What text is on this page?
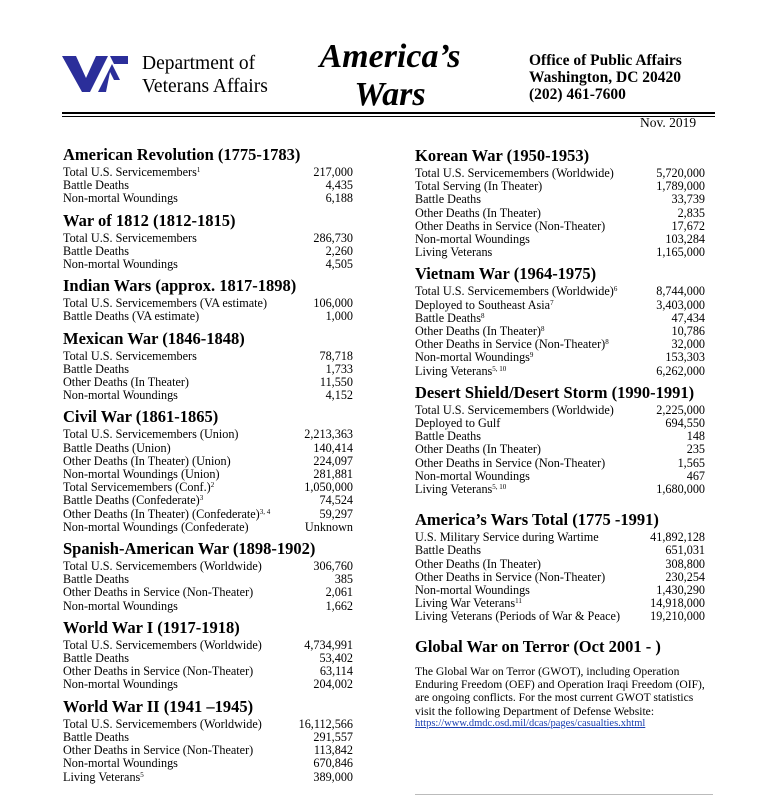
Department of
Veterans Affairs
America’s
Wars
Office of Public Affairs
Washington, DC 20420
(202) 461-7600
Nov. 2019
American Revolution (1775-1783)
Total U.S. Servicemembers$^1$	217,000
Battle Deaths	4,435
Non-mortal Woundings	6,188
War of 1812 (1812-1815)
Total U.S. Servicemembers	286,730
Battle Deaths	2,260
Non-mortal Woundings	4,505
Indian Wars (approx. 1817-1898)
Total U.S. Servicemembers (VA estimate)	106,000
Battle Deaths (VA estimate)	1,000
Mexican War (1846-1848)
Total U.S. Servicemembers	78,718
Battle Deaths	1,733
Other Deaths (In Theater)	11,550
Non-mortal Woundings	4,152
Civil War (1861-1865)
Total U.S. Servicemembers (Union)	2,213,363
Battle Deaths (Union)	140,414
Other Deaths (In Theater) (Union)	224,097
Non-mortal Woundings (Union)	281,881
Total Servicemembers (Conf.)$^2$	1,050,000
Battle Deaths (Confederate)$^3$	74,524
Other Deaths (In Theater) (Confederate)$^{3, 4}$	59,297
Non-mortal Woundings (Confederate)	Unknown
Spanish-American War (1898-1902)
Total U.S. Servicemembers (Worldwide)	306,760
Battle Deaths	385
Other Deaths in Service (Non-Theater)	2,061
Non-mortal Woundings	1,662
World War I (1917-1918)
Total U.S. Servicemembers (Worldwide)	4,734,991
Battle Deaths	53,402
Other Deaths in Service (Non-Theater)	63,114
Non-mortal Woundings	204,002
World War II (1941 –1945)
Total U.S. Servicemembers (Worldwide)	16,112,566
Battle Deaths	291,557
Other Deaths in Service (Non-Theater)	113,842
Non-mortal Woundings	670,846
Living Veterans$^5$	389,000
Korean War (1950-1953)
Total U.S. Servicemembers (Worldwide)	5,720,000
Total Serving (In Theater)	1,789,000
Battle Deaths	33,739
Other Deaths (In Theater)	2,835
Other Deaths in Service (Non-Theater)	17,672
Non-mortal Woundings	103,284
Living Veterans	1,165,000
Vietnam War (1964-1975)
Total U.S. Servicemembers (Worldwide)$^6$	8,744,000
Deployed to Southeast Asia$^7$	3,403,000
Battle Deaths$^8$	47,434
Other Deaths (In Theater)$^8$	10,786
Other Deaths in Service (Non-Theater)$^8$	32,000
Non-mortal Woundings$^9$	153,303
Living Veterans$^{5, 10}$	6,262,000
Desert Shield/Desert Storm (1990-1991)
Total U.S. Servicemembers (Worldwide)	2,225,000
Deployed to Gulf	694,550
Battle Deaths	148
Other Deaths (In Theater)	235
Other Deaths in Service (Non-Theater)	1,565
Non-mortal Woundings	467
Living Veterans$^{5, 10}$	1,680,000
America’s Wars Total (1775 -1991)
U.S. Military Service during Wartime	41,892,128
Battle Deaths	651,031
Other Deaths (In Theater)	308,800
Other Deaths in Service (Non-Theater)	230,254
Non-mortal Woundings	1,430,290
Living War Veterans$^{11}$	14,918,000
Living Veterans (Periods of War & Peace) 19,210,000
Global War on Terror (Oct 2001 - )
The Global War on Terror (GWOT), including Operation Enduring Freedom (OEF) and Operation Iraqi Freedom (OIF), are ongoing conflicts. For the most current GWOT statistics visit the following Department of Defense Website:
https://www.dmdc.osd.mil/dcas/pages/casualties.xhtml
